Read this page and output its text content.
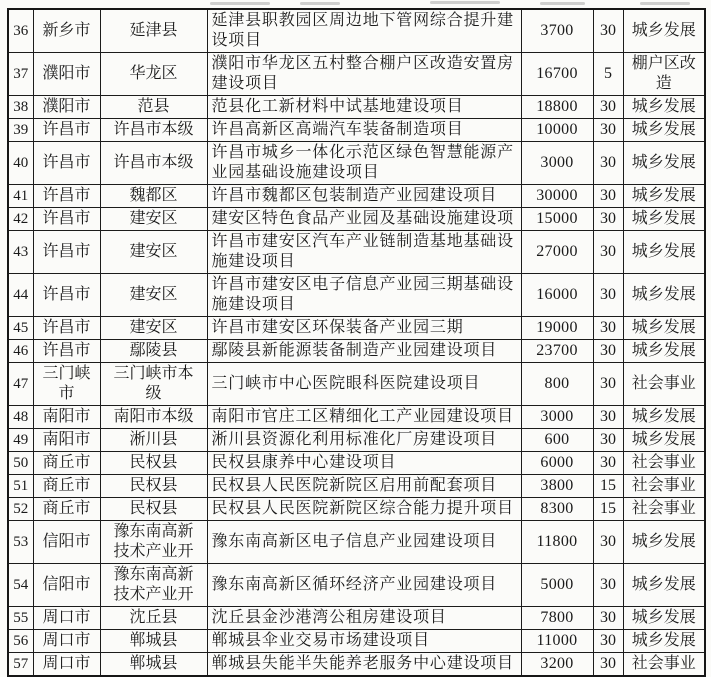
36	新乡市	延津县	延津县职教园区周边地下管网综合提升建设项目	3700	30	城乡发展
37	濮阳市	华龙区	濮阳市华龙区五村整合棚户区改造安置房建设项目	16700	5	棚户区改造
38	濮阳市	范县	范县化工新材料中试基地建设项目	18800	30	城乡发展
39	许昌市	许昌市本级	许昌高新区高端汽车装备制造项目	10000	30	城乡发展
40	许昌市	许昌市本级	许昌市城乡一体化示范区绿色智慧能源产业园基础设施建设项目	3000	30	城乡发展
41	许昌市	魏都区	许昌市魏都区包装制造产业园建设项目	30000	30	城乡发展
42	许昌市	建安区	建安区特色食品产业园及基础设施建设项	15000	30	城乡发展
43	许昌市	建安区	许昌市建安区汽车产业链制造基地基础设施建设项目	27000	30	城乡发展
44	许昌市	建安区	许昌市建安区电子信息产业园三期基础设施建设项目	16000	30	城乡发展
45	许昌市	建安区	许昌市建安区环保装备产业园三期	19000	30	城乡发展
46	许昌市	鄢陵县	鄢陵县新能源装备制造产业园建设项目	23700	30	城乡发展
47	三门峡市	三门峡市本级	三门峡市中心医院眼科医院建设项目	800	30	社会事业
48	南阳市	南阳市本级	南阳市官庄工区精细化工产业园建设项目	3000	30	城乡发展
49	南阳市	淅川县	淅川县资源化利用标准化厂房建设项目	600	30	城乡发展
50	商丘市	民权县	民权县康养中心建设项目	6000	30	社会事业
51	商丘市	民权县	民权县人民医院新院区启用前配套项目	3800	15	社会事业
52	商丘市	民权县	民权县人民医院新院区综合能力提升项目	8300	15	社会事业
53	信阳市	豫东南高新技术产业开	豫东南高新区电子信息产业园建设项目	11800	30	城乡发展
54	信阳市	豫东南高新技术产业开	豫东南高新区循环经济产业园建设项目	5000	30	城乡发展
55	周口市	沈丘县	沈丘县金沙港湾公租房建设项目	7800	30	城乡发展
56	周口市	郸城县	郸城县伞业交易市场建设项目	11000	30	城乡发展
57	周口市	郸城县	郸城县失能半失能养老服务中心建设项目	3200	30	社会事业
